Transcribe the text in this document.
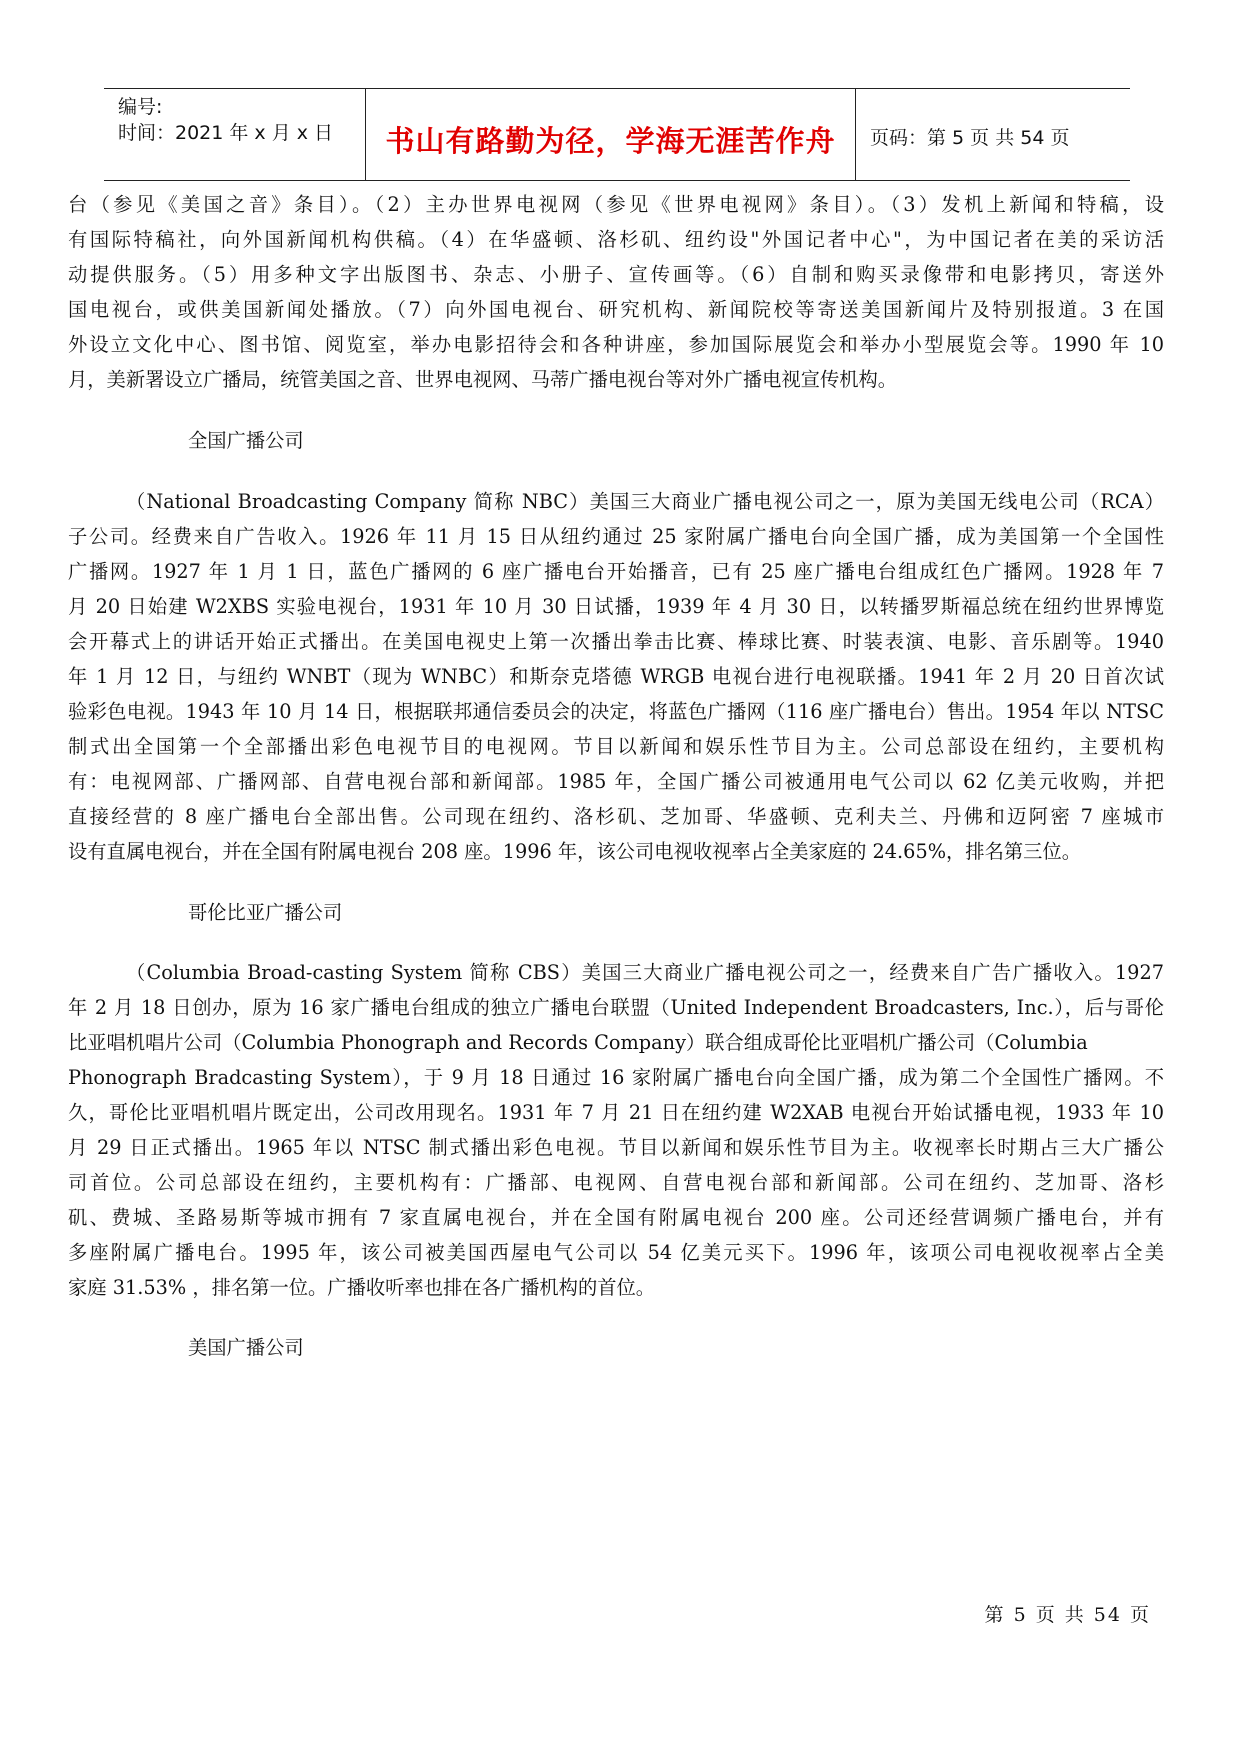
编号:
时间：2021 年 x 月 x 日	书山有路勤为径，学海无涯苦作舟	页码：第 5 页 共 54 页
台（参见《美国之音》条目）。（2）主办世界电视网（参见《世界电视网》条目）。（3）发机上新闻和特稿，设
有国际特稿社，向外国新闻机构供稿。（4）在华盛顿、洛杉矶、纽约设"外国记者中心"，为中国记者在美的采访活
动提供服务。（5）用多种文字出版图书、杂志、小册子、宣传画等。（6）自制和购买录像带和电影拷贝，寄送外
国电视台，或供美国新闻处播放。（7）向外国电视台、研究机构、新闻院校等寄送美国新闻片及特别报道。3 在国
外设立文化中心、图书馆、阅览室，举办电影招待会和各种讲座，参加国际展览会和举办小型展览会等。1990 年 10
月，美新署设立广播局，统管美国之音、世界电视网、马蒂广播电视台等对外广播电视宣传机构。
全国广播公司
（National Broadcasting Company 简称 NBC）美国三大商业广播电视公司之一，原为美国无线电公司（RCA）
子公司。经费来自广告收入。1926 年 11 月 15 日从纽约通过 25 家附属广播电台向全国广播，成为美国第一个全国性
广播网。1927 年 1 月 1 日，蓝色广播网的 6 座广播电台开始播音，已有 25 座广播电台组成红色广播网。1928 年 7
月 20 日始建 W2XBS 实验电视台，1931 年 10 月 30 日试播，1939 年 4 月 30 日，以转播罗斯福总统在纽约世界博览
会开幕式上的讲话开始正式播出。在美国电视史上第一次播出拳击比赛、棒球比赛、时装表演、电影、音乐剧等。1940
年 1 月 12 日，与纽约 WNBT（现为 WNBC）和斯奈克塔德 WRGB 电视台进行电视联播。1941 年 2 月 20 日首次试
验彩色电视。1943 年 10 月 14 日，根据联邦通信委员会的决定，将蓝色广播网（116 座广播电台）售出。1954 年以 NTSC
制式出全国第一个全部播出彩色电视节目的电视网。节目以新闻和娱乐性节目为主。公司总部设在纽约，主要机构
有：电视网部、广播网部、自营电视台部和新闻部。1985 年，全国广播公司被通用电气公司以 62 亿美元收购，并把
直接经营的 8 座广播电台全部出售。公司现在纽约、洛杉矶、芝加哥、华盛顿、克利夫兰、丹佛和迈阿密 7 座城市
设有直属电视台，并在全国有附属电视台 208 座。1996 年，该公司电视收视率占全美家庭的 24.65%，排名第三位。
哥伦比亚广播公司
（Columbia Broad-casting System 简称 CBS）美国三大商业广播电视公司之一，经费来自广告广播收入。1927
年 2 月 18 日创办，原为 16 家广播电台组成的独立广播电台联盟（United Independent Broadcasters, Inc.），后与哥伦
比亚唱机唱片公司（Columbia Phonograph and Records Company）联合组成哥伦比亚唱机广播公司（Columbia
Phonograph Bradcasting System），于 9 月 18 日通过 16 家附属广播电台向全国广播，成为第二个全国性广播网。不
久，哥伦比亚唱机唱片既定出，公司改用现名。1931 年 7 月 21 日在纽约建 W2XAB 电视台开始试播电视，1933 年 10
月 29 日正式播出。1965 年以 NTSC 制式播出彩色电视。节目以新闻和娱乐性节目为主。收视率长时期占三大广播公
司首位。公司总部设在纽约，主要机构有：广播部、电视网、自营电视台部和新闻部。公司在纽约、芝加哥、洛杉
矶、费城、圣路易斯等城市拥有 7 家直属电视台，并在全国有附属电视台 200 座。公司还经营调频广播电台，并有
多座附属广播电台。1995 年，该公司被美国西屋电气公司以 54 亿美元买下。1996 年，该项公司电视收视率占全美
家庭 31.53% ，排名第一位。广播收听率也排在各广播机构的首位。
美国广播公司
第 5 页 共 54 页
